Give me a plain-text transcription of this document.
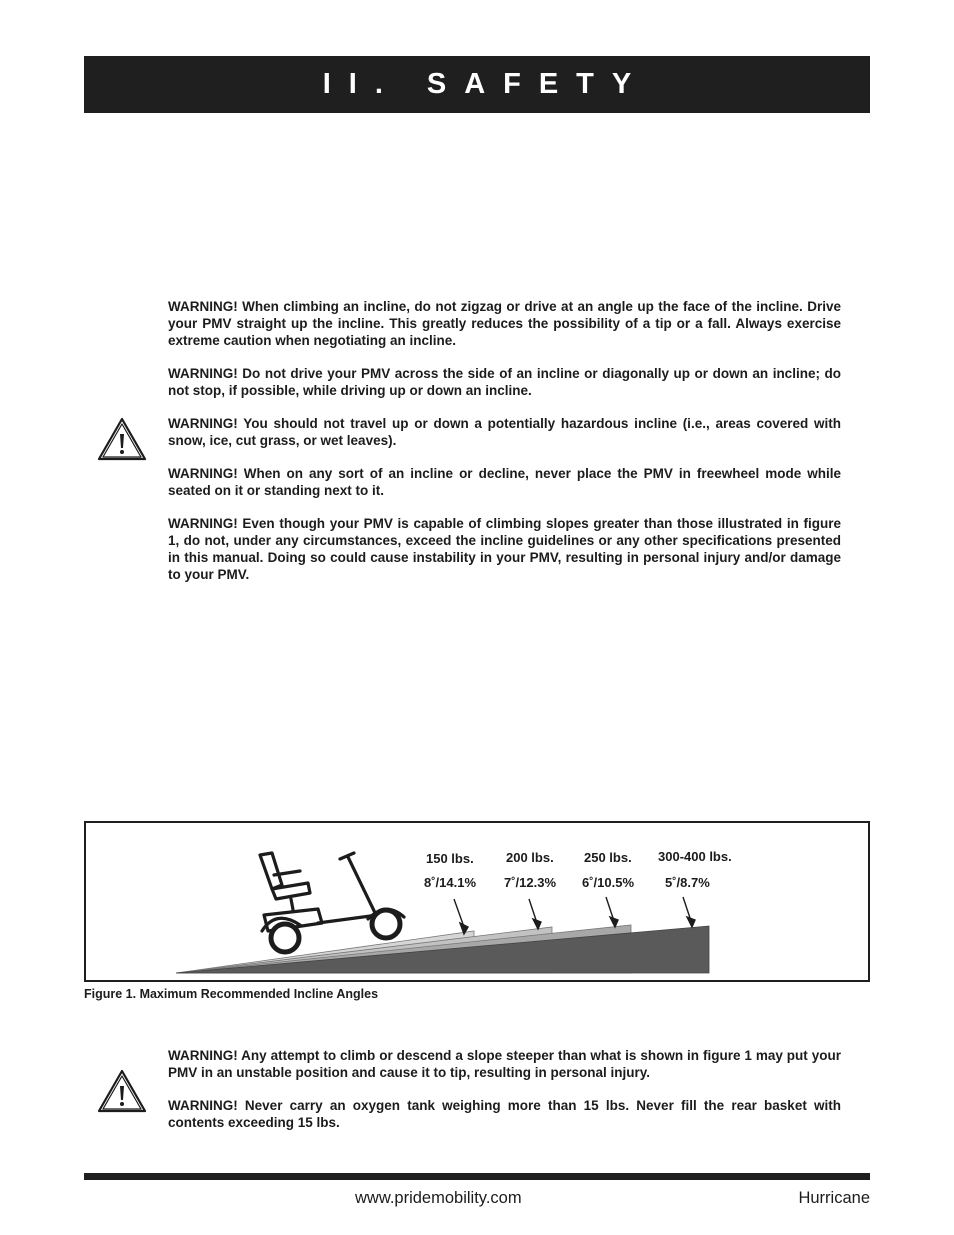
II. SAFETY

WARNING! When climbing an incline, do not zigzag or drive at an angle up the face of the incline. Drive your PMV straight up the incline. This greatly reduces the possibility of a tip or a fall. Always exercise extreme caution when negotiating an incline.

WARNING! Do not drive your PMV across the side of an incline or diagonally up or down an incline; do not stop, if possible, while driving up or down an incline.

WARNING! You should not travel up or down a potentially hazardous incline (i.e., areas covered with snow, ice, cut grass, or wet leaves).

WARNING! When on any sort of an incline or decline, never place the PMV in freewheel mode while seated on it or standing next to it.

WARNING! Even though your PMV is capable of climbing slopes greater than those illustrated in figure 1, do not, under any circumstances, exceed the incline guidelines or any other specifications presented in this manual. Doing so could cause instability in your PMV, resulting in personal injury and/or damage to your PMV.

150 lbs.
8˚/14.1%
200 lbs.
7˚/12.3%
250 lbs.
6˚/10.5%
300-400 lbs.
5˚/8.7%
Figure 1. Maximum Recommended Incline Angles

WARNING! Any attempt to climb or descend a slope steeper than what is shown in figure 1 may put your PMV in an unstable position and cause it to tip, resulting in personal injury.

WARNING! Never carry an oxygen tank weighing more than 15 lbs. Never fill the rear basket with contents exceeding 15 lbs.

www.pridemobility.com	Hurricane
